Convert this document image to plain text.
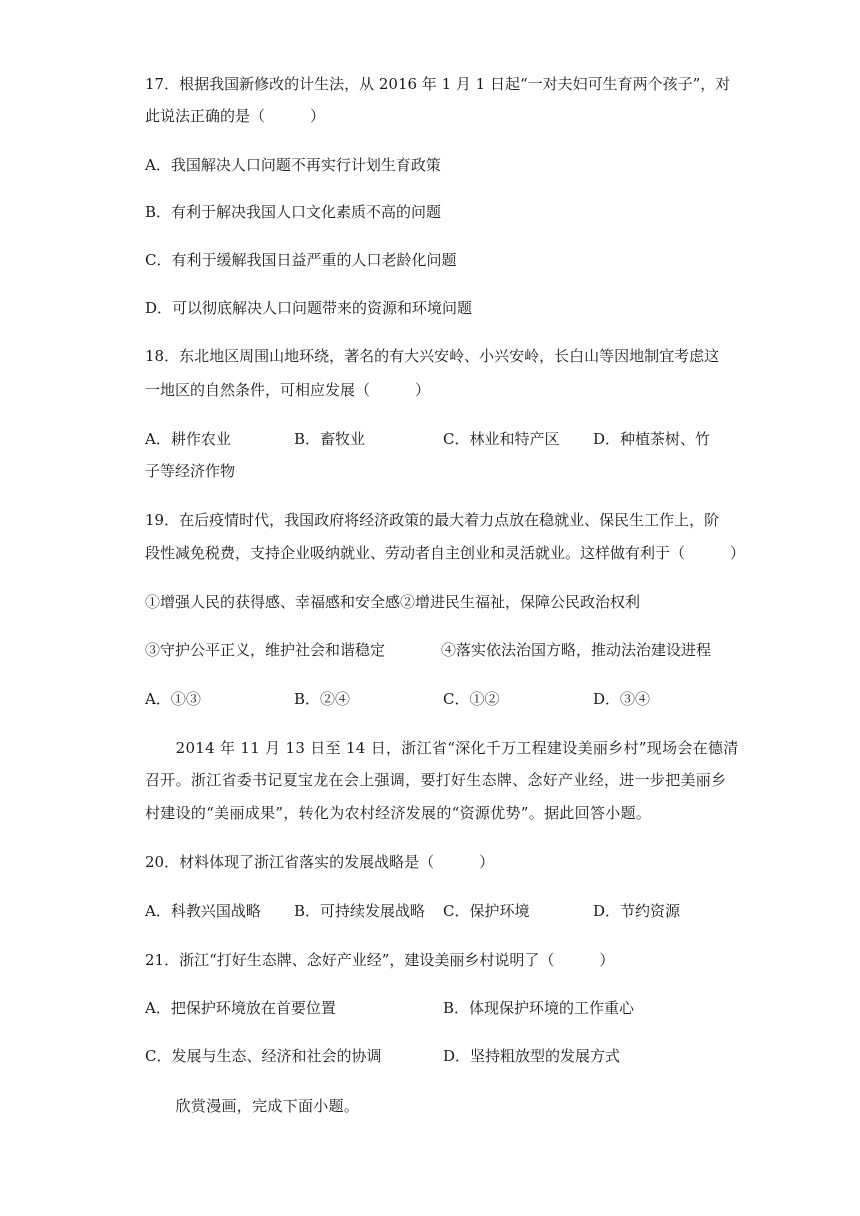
17．根据我国新修改的计生法，从 2016 年 1 月 1 日起“一对夫妇可生育两个孩子”，对
此说法正确的是（　　　）
A．我国解决人口问题不再实行计划生育政策
B．有利于解决我国人口文化素质不高的问题
C．有利于缓解我国日益严重的人口老龄化问题
D．可以彻底解决人口问题带来的资源和环境问题
18．东北地区周围山地环绕，著名的有大兴安岭、小兴安岭，长白山等因地制宜考虑这
一地区的自然条件，可相应发展（　　　）
A．耕作农业	B．畜牧业	C．林业和特产区 D．种植茶树、竹
子等经济作物
19．在后疫情时代，我国政府将经济政策的最大着力点放在稳就业、保民生工作上，阶
段性减免税费，支持企业吸纳就业、劳动者自主创业和灵活就业。这样做有利于（　　　）
①增强人民的获得感、幸福感和安全感②增进民生福祉，保障公民政治权利
③守护公平正义，维护社会和谐稳定	④落实依法治国方略，推动法治建设进程
A．①③	B．②④	C．①②	D．③④
　　2014 年 11 月 13 日至 14 日，浙江省“深化千万工程建设美丽乡村”现场会在德清
召开。浙江省委书记夏宝龙在会上强调，要打好生态牌、念好产业经，进一步把美丽乡
村建设的“美丽成果”，转化为农村经济发展的“资源优势”。据此回答小题。
20．材料体现了浙江省落实的发展战略是（　　　）
A．科教兴国战略 B．可持续发展战略 C．保护环境	D．节约资源
21．浙江“打好生态牌、念好产业经”，建设美丽乡村说明了（　　　）
A．把保护环境放在首要位置	B．体现保护环境的工作重心
C．发展与生态、经济和社会的协调	D．坚持粗放型的发展方式
　　欣赏漫画，完成下面小题。
